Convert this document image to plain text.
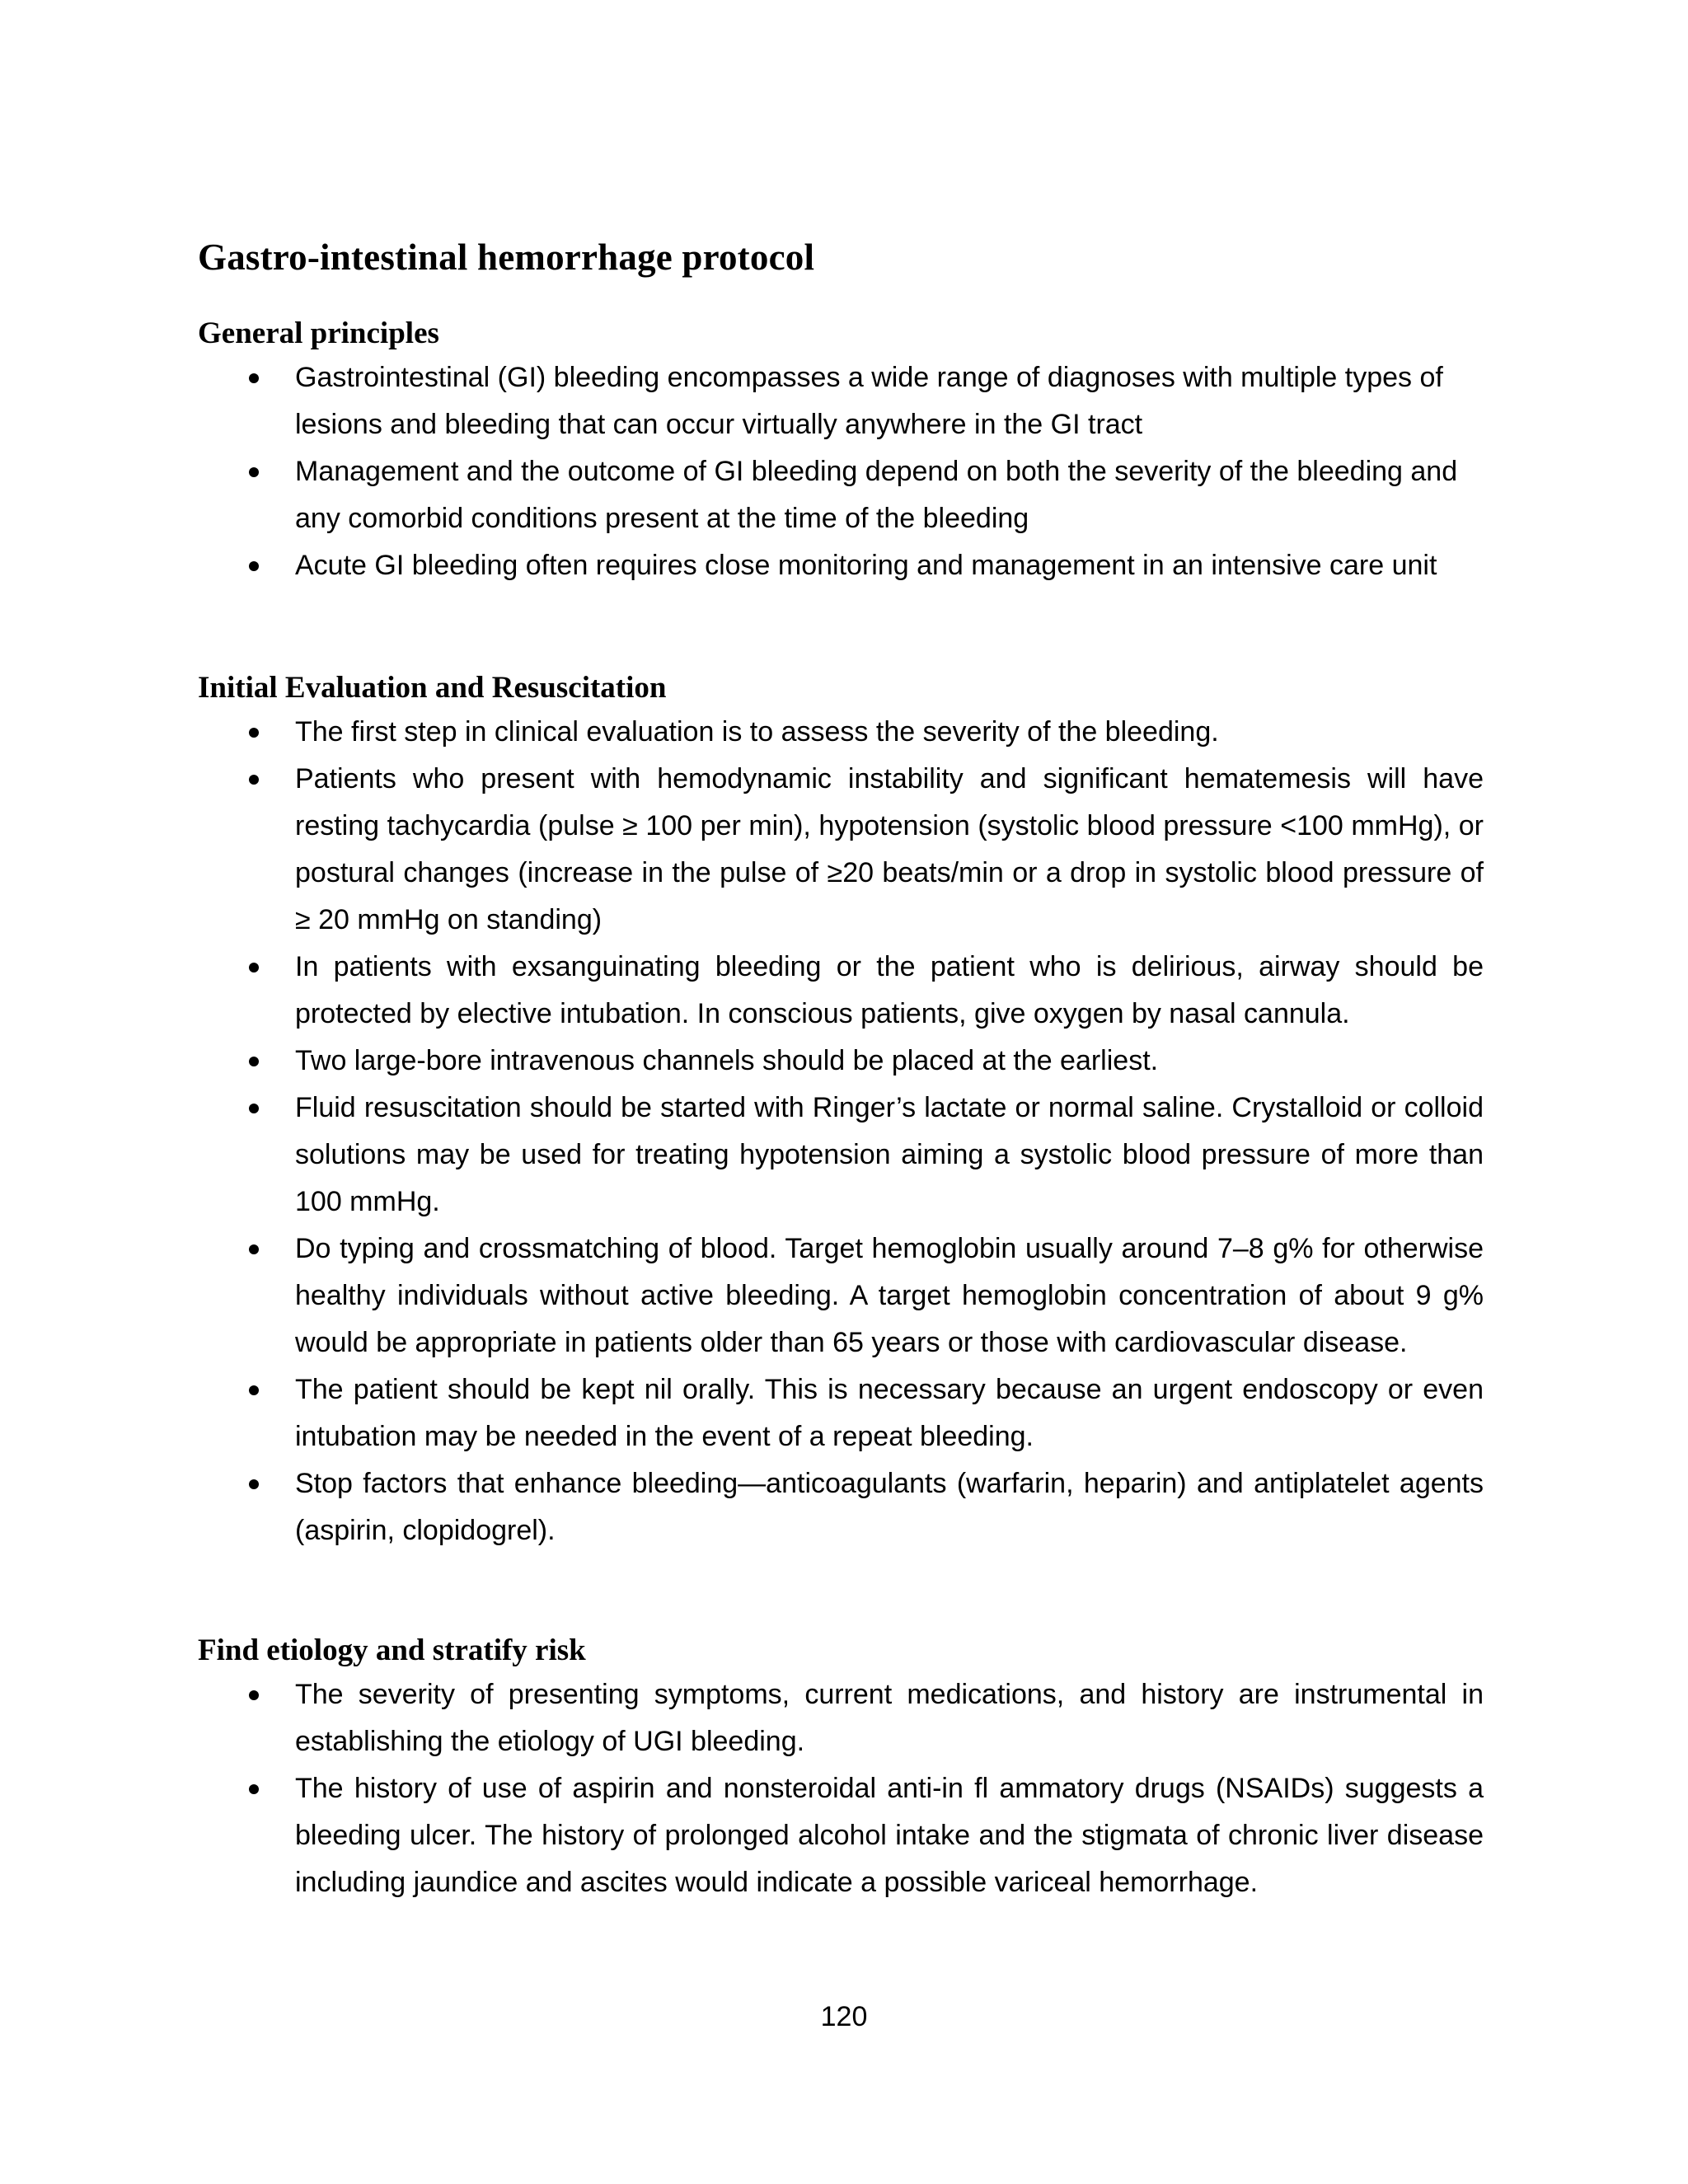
Gastro-intestinal hemorrhage protocol
General principles
Gastrointestinal (GI) bleeding encompasses a wide range of diagnoses with multiple types of lesions and bleeding that can occur virtually anywhere in the GI tract
Management and the outcome of GI bleeding depend on both the severity of the bleeding and any comorbid conditions present at the time of the bleeding
Acute GI bleeding often requires close monitoring and management in an intensive care unit
Initial Evaluation and Resuscitation
The first step in clinical evaluation is to assess the severity of the bleeding.
Patients who present with hemodynamic instability and significant hematemesis will have resting tachycardia (pulse ≥ 100 per min), hypotension (systolic blood pressure <100 mmHg), or postural changes (increase in the pulse of ≥20 beats/min or a drop in systolic blood pressure of ≥ 20 mmHg on standing)
In patients with exsanguinating bleeding or the patient who is delirious, airway should be protected by elective intubation. In conscious patients, give oxygen by nasal cannula.
Two large-bore intravenous channels should be placed at the earliest.
Fluid resuscitation should be started with Ringer’s lactate or normal saline. Crystalloid or colloid solutions may be used for treating hypotension aiming a systolic blood pressure of more than 100 mmHg.
Do typing and crossmatching of blood. Target hemoglobin usually around 7–8 g% for otherwise healthy individuals without active bleeding. A target hemoglobin concentration of about 9 g% would be appropriate in patients older than 65 years or those with cardiovascular disease.
The patient should be kept nil orally. This is necessary because an urgent endoscopy or even intubation may be needed in the event of a repeat bleeding.
Stop factors that enhance bleeding—anticoagulants (warfarin, heparin) and antiplatelet agents (aspirin, clopidogrel).
Find etiology and stratify risk
The severity of presenting symptoms, current medications, and history are instrumental in establishing the etiology of UGI bleeding.
The history of use of aspirin and nonsteroidal anti-in ﬂ ammatory drugs (NSAIDs) suggests a bleeding ulcer. The history of prolonged alcohol intake and the stigmata of chronic liver disease including jaundice and ascites would indicate a possible variceal hemorrhage.
120
